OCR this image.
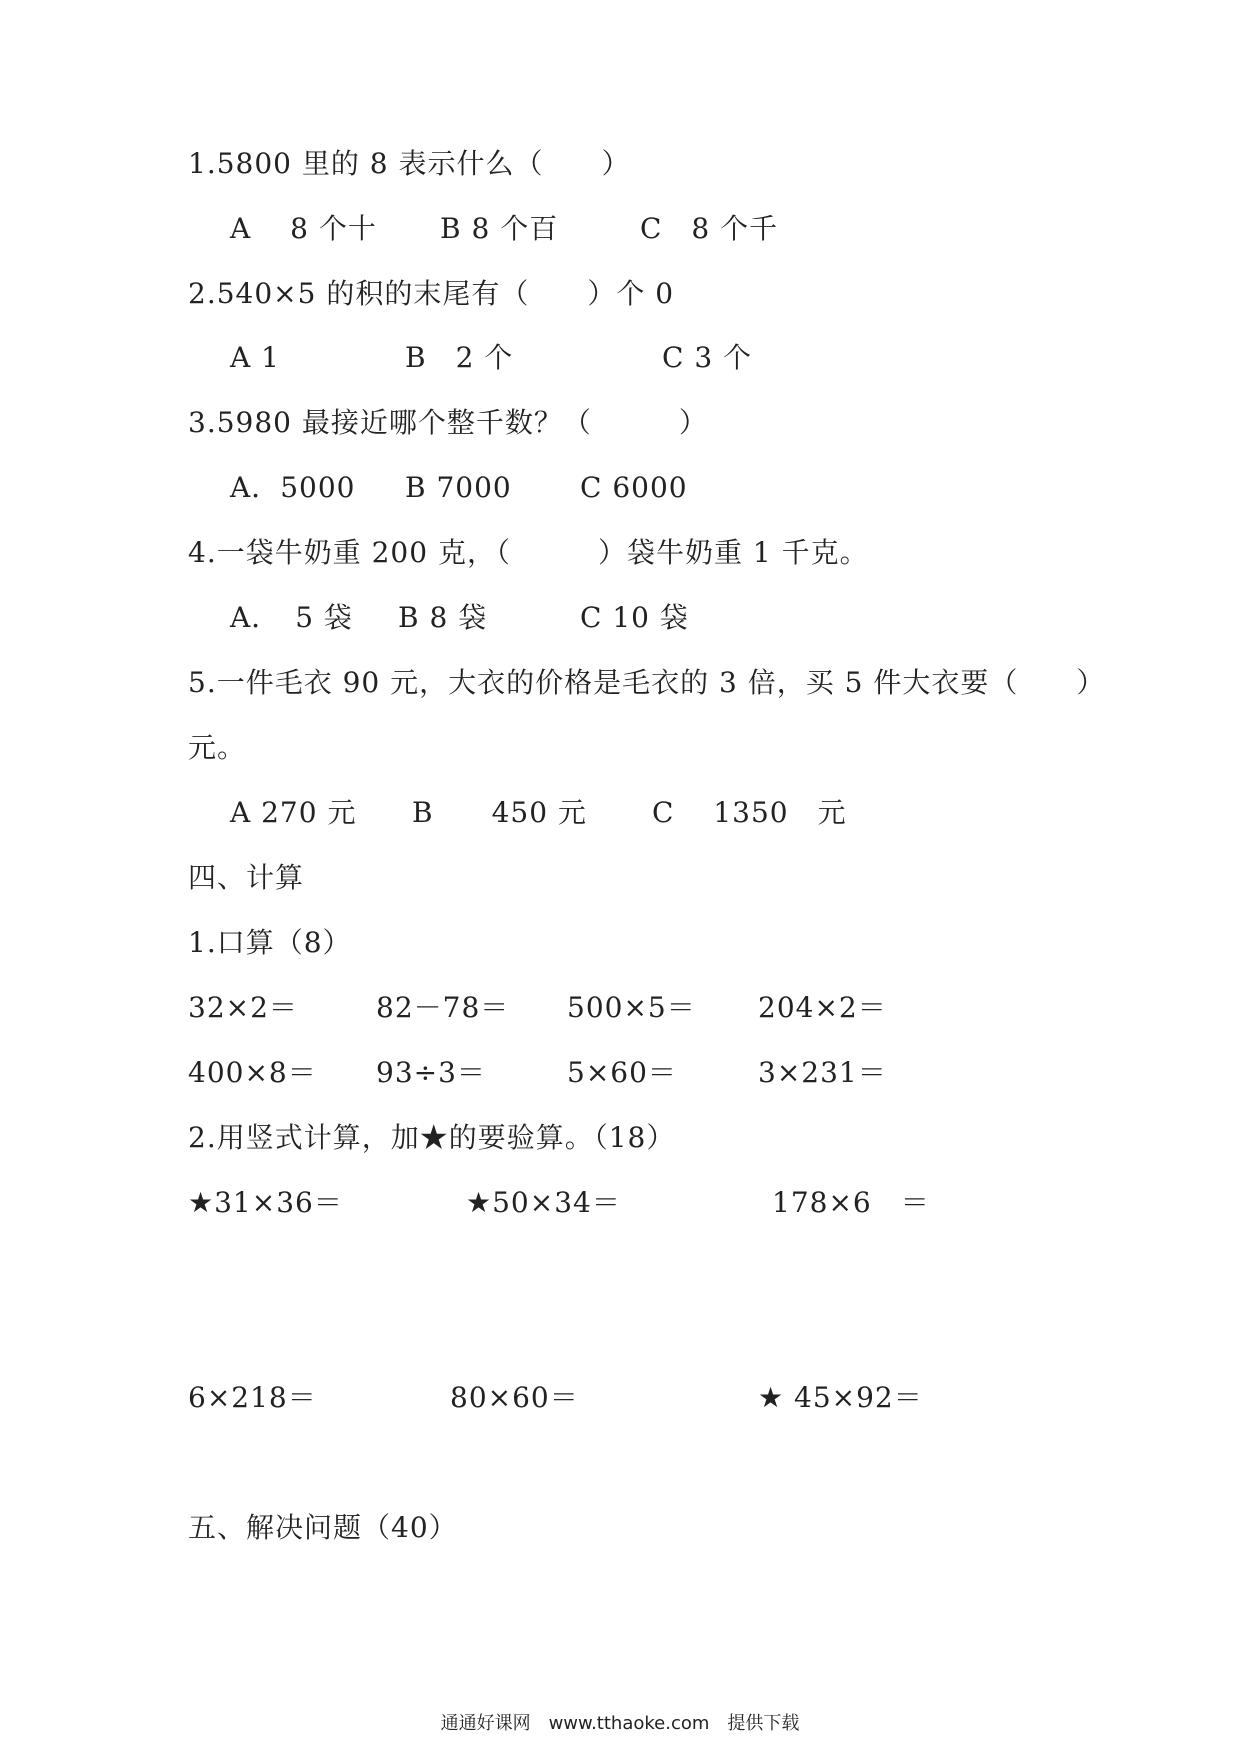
1.5800 里的 8 表示什么（　　）
A　 8 个十 B 8 个百	C　8 个千
2.540×5 的积的末尾有（　　）个 0
A 1	B　2 个	C 3 个
3.5980 最接近哪个整千数？（　　　）
A．5000 B 7000 C 6000
4.一袋牛奶重 200 克，（　　　）袋牛奶重 1 千克。
A．　5 袋 B 8 袋	C 10 袋
5.一件毛衣 90 元，大衣的价格是毛衣的 3 倍，买 5 件大衣要（　　）
元。
A 270 元 B　　450 元 C　 1350　元
四、计算
1.口算（8）
32×2＝	82－78＝ 500×5＝ 204×2＝
400×8＝ 93÷3＝	5×60＝	3×231＝
2.用竖式计算，加★的要验算。（18）
★31×36＝	★50×34＝	178×6　＝
6×218＝	80×60＝	★ 45×92＝
五、解决问题（40）
通通好课网　www.tthaoke.com　提供下载
